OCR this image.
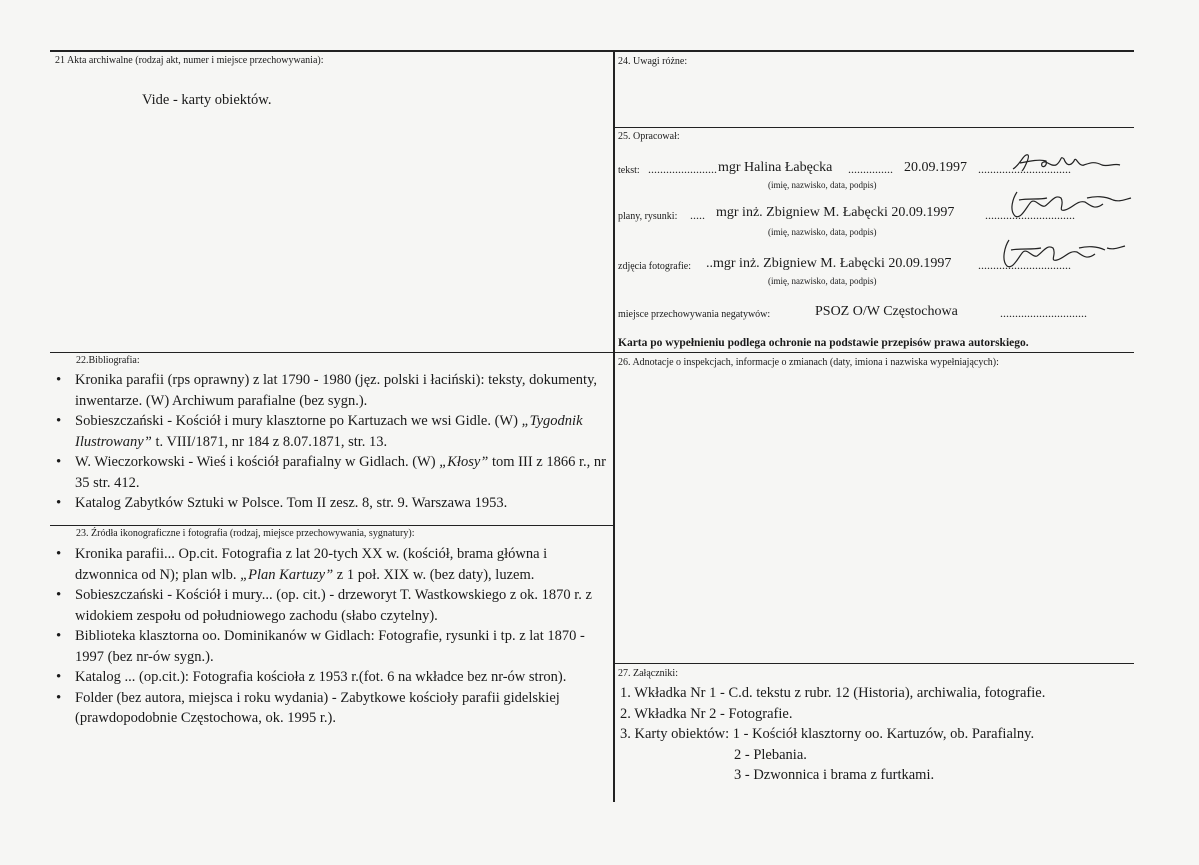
21 Akta archiwalne (rodzaj akt, numer i miejsce przechowywania):
Vide - karty obiektów.
22.Bibliografia:
• Kronika parafii (rps oprawny) z lat 1790 - 1980 (jęz. polski i łaciński): teksty, dokumenty, inwentarze. (W) Archiwum parafialne (bez sygn.).
• Sobieszczański - Kościół i mury klasztorne po Kartuzach we wsi Gidle. (W) „Tygodnik Ilustrowany” t. VIII/1871, nr 184 z 8.07.1871, str. 13.
• W. Wieczorkowski - Wieś i kościół parafialny w Gidlach. (W) „Kłosy” tom III z 1866 r., nr 35 str. 412.
• Katalog Zabytków Sztuki w Polsce. Tom II zesz. 8, str. 9. Warszawa 1953.
23. Źródła ikonograficzne i fotografia (rodzaj, miejsce przechowywania, sygnatury):
• Kronika parafii... Op.cit. Fotografia z lat 20-tych XX w. (kościół, brama główna i dzwonnica od N); plan wlb. „Plan Kartuzy” z 1 poł. XIX w. (bez daty), luzem.
• Sobieszczański - Kościół i mury... (op. cit.) - drzeworyt T. Wastkowskiego z ok. 1870 r. z widokiem zespołu od południowego zachodu (słabo czytelny).
• Biblioteka klasztorna oo. Dominikanów w Gidlach: Fotografie, rysunki i tp. z lat 1870 - 1997 (bez nr-ów sygn.).
• Katalog ... (op.cit.): Fotografia kościoła z 1953 r.(fot. 6 na wkładce bez nr-ów stron).
• Folder (bez autora, miejsca i roku wydania) - Zabytkowe kościoły parafii gidelskiej (prawdopodobnie Częstochowa, ok. 1995 r.).
24. Uwagi różne:
25. Opracował:
tekst: ....................... mgr Halina Łabęcka ............... 20.09.1997 ...............................
(imię, nazwisko, data, podpis)
plany, rysunki: ..... mgr inż. Zbigniew M. Łabęcki 20.09.1997	..............................
(imię, nazwisko, data, podpis)
zdjęcia fotografie: ..mgr inż. Zbigniew M. Łabęcki 20.09.1997 ...............................
(imię, nazwisko, data, podpis)
miejsce przechowywania negatywów:	PSOZ O/W Częstochowa	.............................
Karta po wypełnieniu podlega ochronie na podstawie przepisów prawa autorskiego.
26. Adnotacje o inspekcjach, informacje o zmianach (daty, imiona i nazwiska wypełniających):
27. Załączniki:
1. Wkładka Nr 1 - C.d. tekstu z rubr. 12 (Historia), archiwalia, fotografie.
2. Wkładka Nr 2 - Fotografie.
3. Karty obiektów: 1 - Kościół klasztorny oo. Kartuzów, ob. Parafialny.
2 - Plebania.
3 - Dzwonnica i brama z furtkami.
